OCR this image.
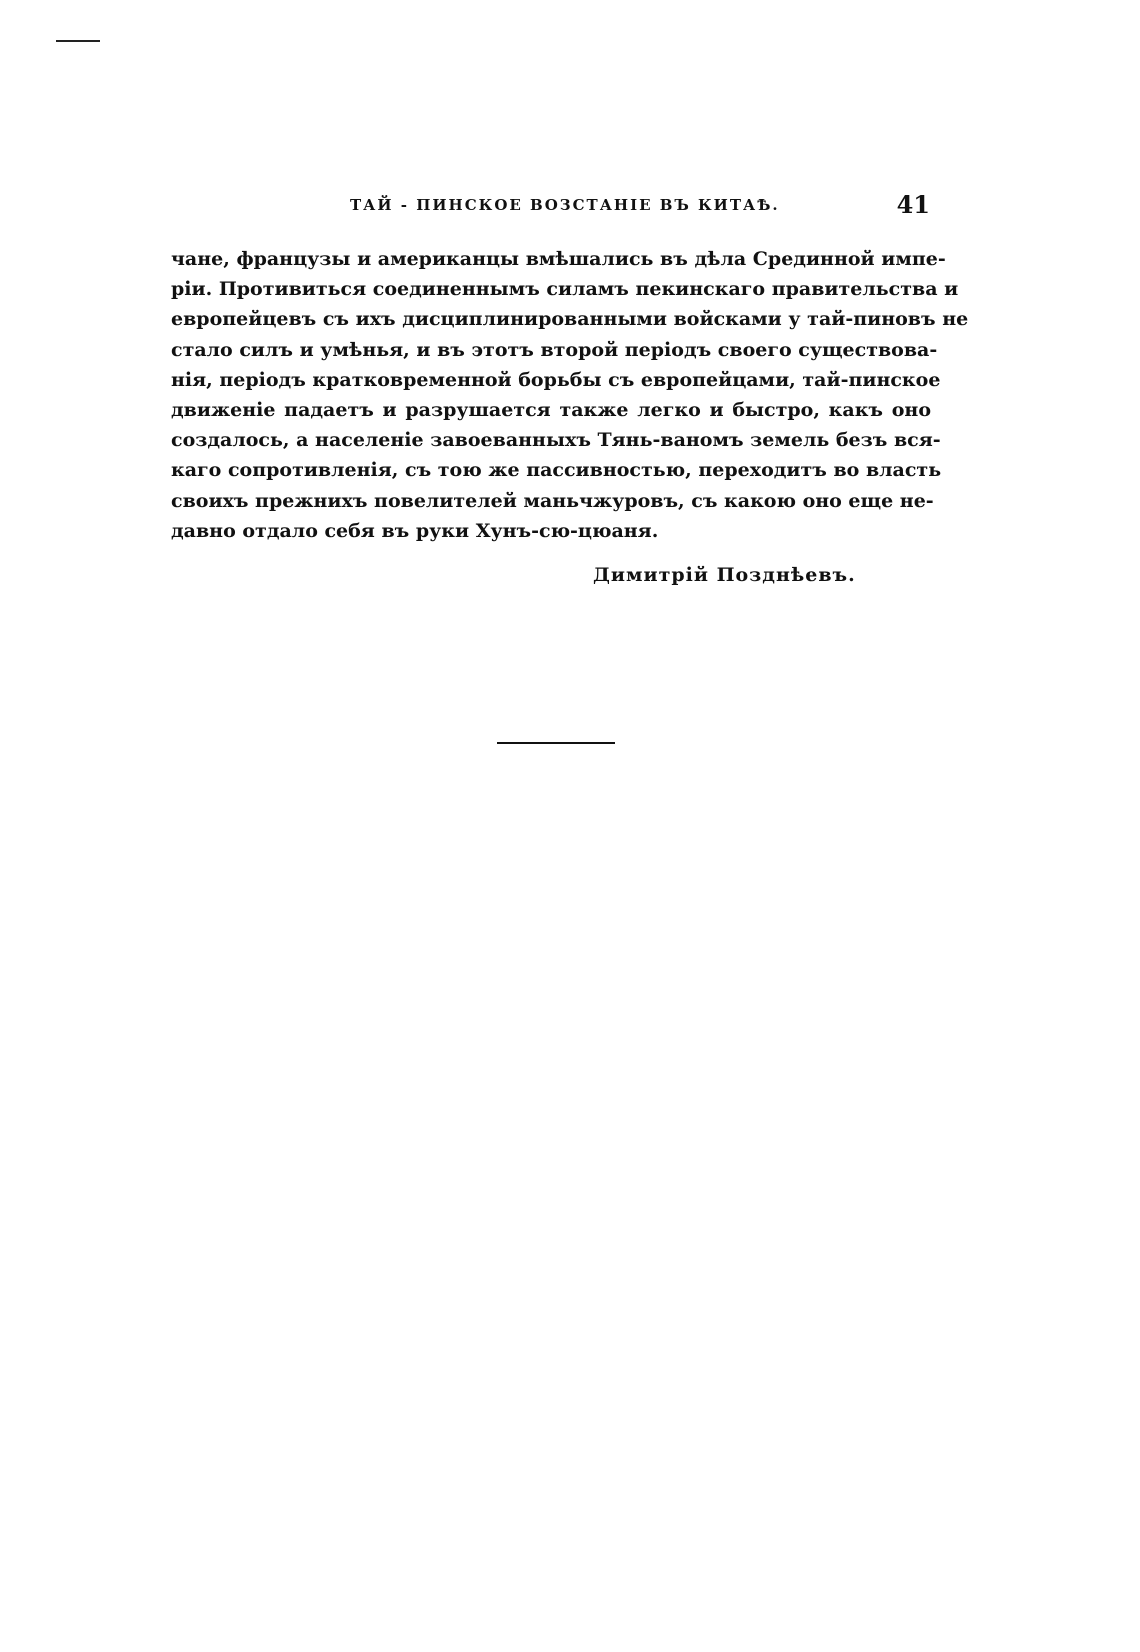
ТАЙ - ПИНСКОЕ ВОЗСТАНІЕ ВЪ КИТАѢ.	41
чане, французы и американцы вмѣшались въ дѣла Срединной импе-
ріи. Противиться соединеннымъ силамъ пекинскаго правительства и
европейцевъ съ ихъ дисциплинированными войсками у тай-пиновъ не
стало силъ и умѣнья, и въ этотъ второй періодъ своего существова-
нія, періодъ кратковременной борьбы съ европейцами, тай-пинское
движеніе падаетъ и разрушается также легко и быстро, какъ оно
создалось, а населеніе завоеванныхъ Тянь-ваномъ земель безъ вся-
каго сопротивленія, съ тою же пассивностью, переходитъ во власть
своихъ прежнихъ повелителей маньчжуровъ, съ какою оно еще не-
давно отдало себя въ руки Хунъ-сю-цюаня.
Димитрій Позднѣевъ.
